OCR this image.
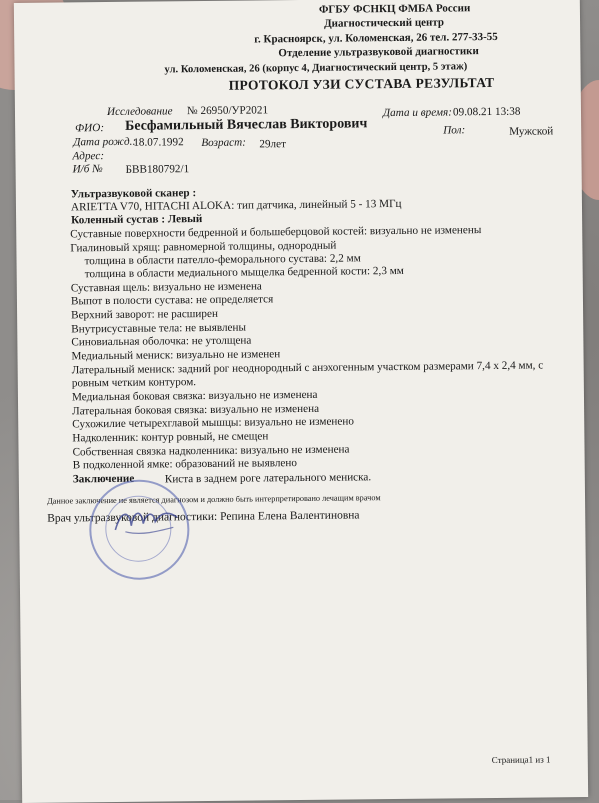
ФГБУ ФСНКЦ ФМБА России
Диагностический центр
г. Красноярск, ул. Коломенская, 26 тел. 277-33-55
Отделение ультразвуковой диагностики
ул. Коломенская, 26 (корпус 4, Диагностический центр, 5 этаж)
ПРОТОКОЛ УЗИ СУСТАВА РЕЗУЛЬТАТ
Исследование № 26950/УР2021	Дата и время: 09.08.21 13:38
ФИО: Бесфамильный Вячеслав Викторович	Пол:	Мужской
Дата рожд.:
18.07.1992 Возраст: 29лет
Адрес:
И/б № БВВ180792/1
Ультразвуковой сканер :
ARIETTA V70, HITACHI ALOKA: тип датчика, линейный 5 - 13 МГц
Коленный сустав : Левый
Суставные поверхности бедренной и большеберцовой костей: визуально не изменены
Гиалиновый хрящ: равномерной толщины, однородный
толщина в области пателло-феморального сустава: 2,2 мм
толщина в области медиального мыщелка бедренной кости: 2,3 мм
Суставная щель: визуально не изменена
Выпот в полости сустава: не определяется
Верхний заворот: не расширен
Внутрисуставные тела: не выявлены
Синовиальная оболочка: не утолщена
Медиальный мениск: визуально не изменен
Латеральный мениск: задний рог неоднородный с анэхогенным участком размерами 7,4 х 2,4 мм, с
ровным четким контуром.
Медиальная боковая связка: визуально не изменена
Латеральная боковая связка: визуально не изменена
Сухожилие четырехглавой мышцы: визуально не изменено
Надколенник: контур ровный, не смещен
Собственная связка надколенника: визуально не изменена
В подколенной ямке: образований не выявлено
Заключение	Киста в заднем роге латерального мениска.
Данное заключение не является диагнозом и должно быть интерпретировано лечащим врачом
Врач ультразвуковой диагностики: Репина Елена Валентиновна
Страница1 из 1
